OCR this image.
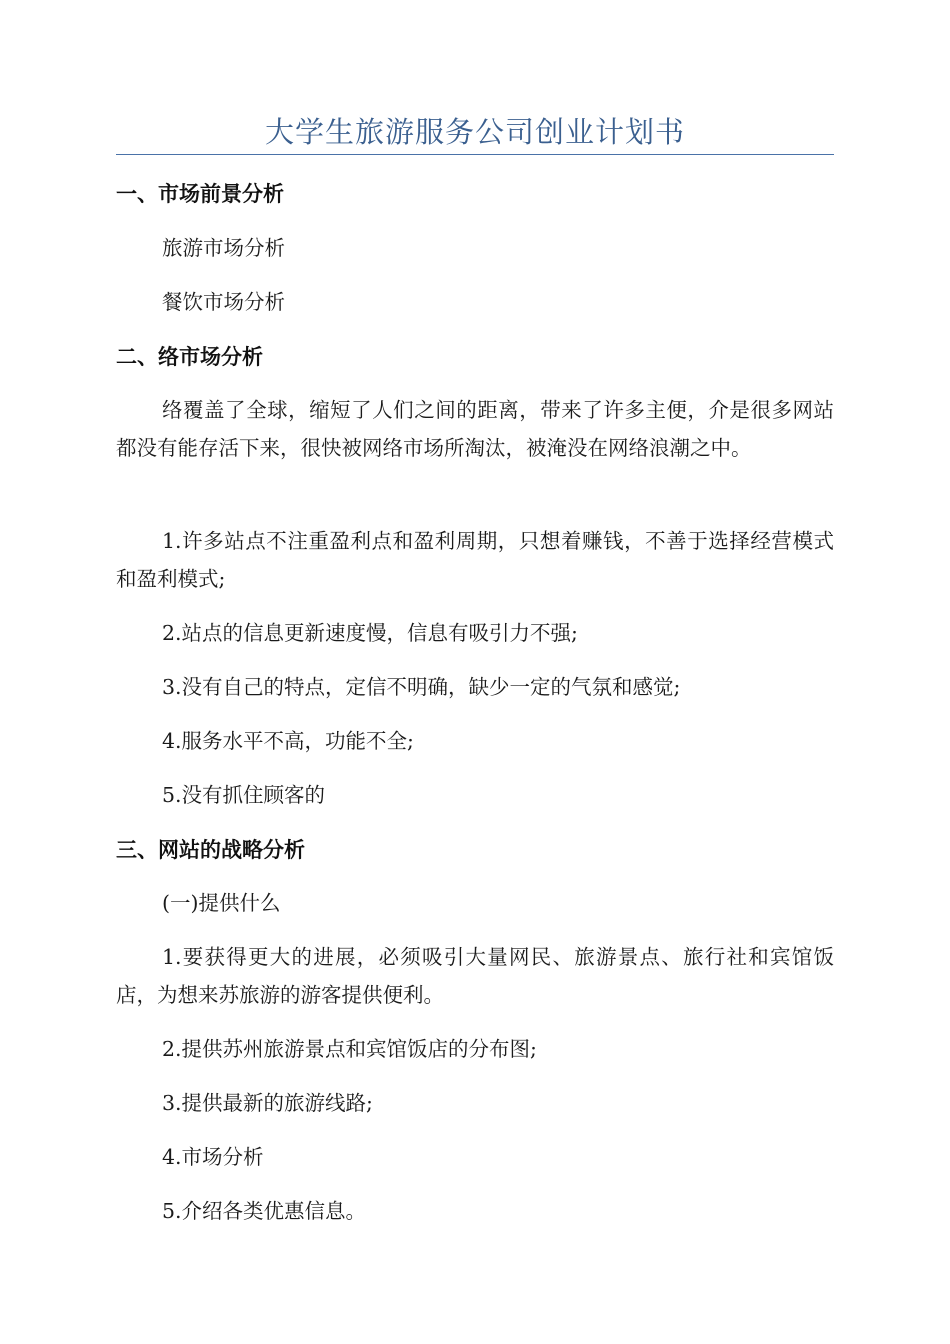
大学生旅游服务公司创业计划书
一、市场前景分析
旅游市场分析
餐饮市场分析
二、络市场分析
络覆盖了全球，缩短了人们之间的距离，带来了许多主便，介是很多网站都没有能存活下来，很快被网络市场所淘汰，被淹没在网络浪潮之中。
1.许多站点不注重盈利点和盈利周期，只想着赚钱，不善于选择经营模式和盈利模式;
2.站点的信息更新速度慢，信息有吸引力不强;
3.没有自己的特点，定信不明确，缺少一定的气氛和感觉;
4.服务水平不高，功能不全;
5.没有抓住顾客的
三、网站的战略分析
(一)提供什么
1.要获得更大的进展，必须吸引大量网民、旅游景点、旅行社和宾馆饭店，为想来苏旅游的游客提供便利。
2.提供苏州旅游景点和宾馆饭店的分布图;
3.提供最新的旅游线路;
4.市场分析
5.介绍各类优惠信息。
